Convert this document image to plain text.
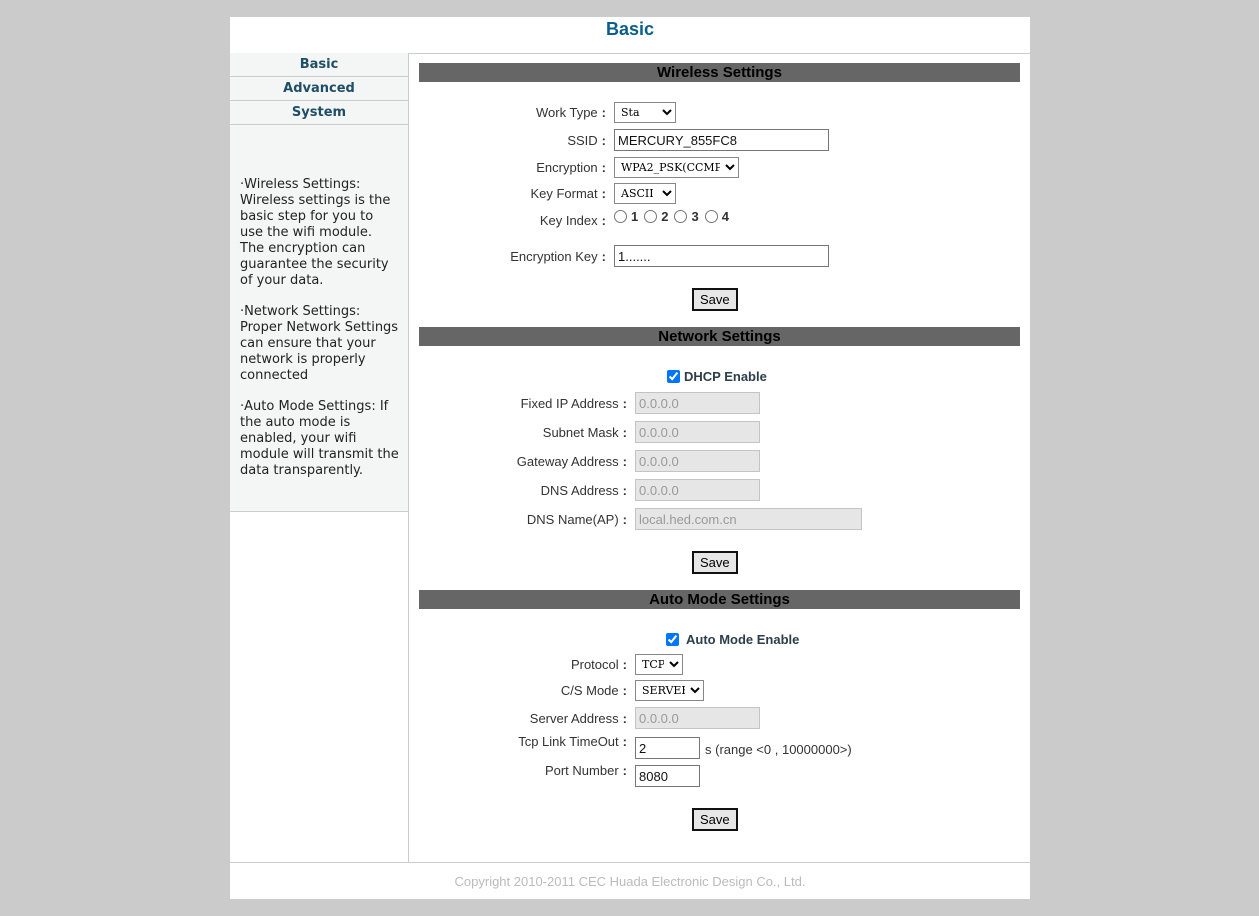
Basic
Basic
Advanced
System

·Wireless Settings: Wireless settings is the basic step for you to use the wifi module. The encryption can guarantee the security of your data.

·Network Settings: Proper Network Settings can ensure that your network is properly connected

·Auto Mode Settings: If the auto mode is enabled, your wifi module will transmit the data transparently.

Wireless Settings
Work Type :
Sta
SSID :
MERCURY_855FC8
Encryption :
WPA2_PSK(CCMP)
Key Format :
ASCII
Key Index :	1 2 3 4
Encryption Key :
1.......
Save
Network Settings
DHCP Enable
Fixed IP Address :
0.0.0.0
Subnet Mask :
0.0.0.0
Gateway Address :
0.0.0.0
DNS Address :
0.0.0.0
DNS Name(AP) :
local.hed.com.cn
Save
Auto Mode Settings
Auto Mode Enable
Protocol :
TCP
C/S Mode :
SERVER
Server Address :
0.0.0.0
Tcp Link TimeOut :
2
s (range <0 , 10000000>)
Port Number :
8080
Save
Copyright 2010-2011 CEC Huada Electronic Design Co., Ltd.
